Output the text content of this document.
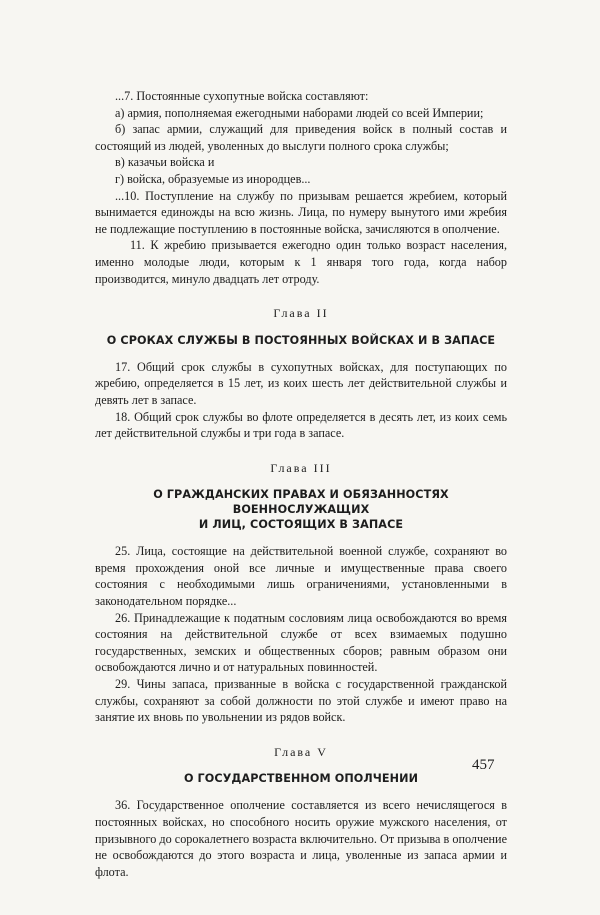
...7. Постоянные сухопутные войска составляют:

а) армия, пополняемая ежегодными наборами людей со всей Империи;

б) запас армии, служащий для приведения войск в полный состав и состоящий из людей, уволенных до выслуги полного срока службы;

в) казачьи войска и

г) войска, образуемые из инородцев...

...10. Поступление на службу по призывам решается жребием, который вынимается единожды на всю жизнь. Лица, по нумеру вынутого ими жребия не подлежащие поступлению в постоянные войска, зачисляются в ополчение.

11. К жребию призывается ежегодно один только возраст населения, именно молодые люди, которым к 1 января того года, когда набор производится, минуло двадцать лет отроду.

Глава II
О СРОКАХ СЛУЖБЫ В ПОСТОЯННЫХ ВОЙСКАХ И В ЗАПАСЕ

17. Общий срок службы в сухопутных войсках, для поступающих по жребию, определяется в 15 лет, из коих шесть лет действительной службы и девять лет в запасе.

18. Общий срок службы во флоте определяется в десять лет, из коих семь лет действительной службы и три года в запасе.

Глава III
О ГРАЖДАНСКИХ ПРАВАХ И ОБЯЗАННОСТЯХ ВОЕННОСЛУЖАЩИХ
И ЛИЦ, СОСТОЯЩИХ В ЗАПАСЕ

25. Лица, состоящие на действительной военной службе, сохраняют во время прохождения оной все личные и имущественные права своего состояния с необходимыми лишь ограничениями, установленными в законодательном порядке...

26. Принадлежащие к податным сословиям лица освобождаются во время состояния на действительной службе от всех взимаемых подушно государственных, земских и общественных сборов; равным образом они освобождаются лично и от натуральных повинностей.

29. Чины запаса, призванные в войска с государственной гражданской службы, сохраняют за собой должности по этой службе и имеют право на занятие их вновь по увольнении из рядов войск.

Глава V
О ГОСУДАРСТВЕННОМ ОПОЛЧЕНИИ

36. Государственное ополчение составляется из всего нечислящегося в постоянных войсках, но способного носить оружие мужского населения, от призывного до сорокалетнего возраста включительно. От призыва в ополчение не освобождаются до этого возраста и лица, уволенные из запаса армии и флота.

457
